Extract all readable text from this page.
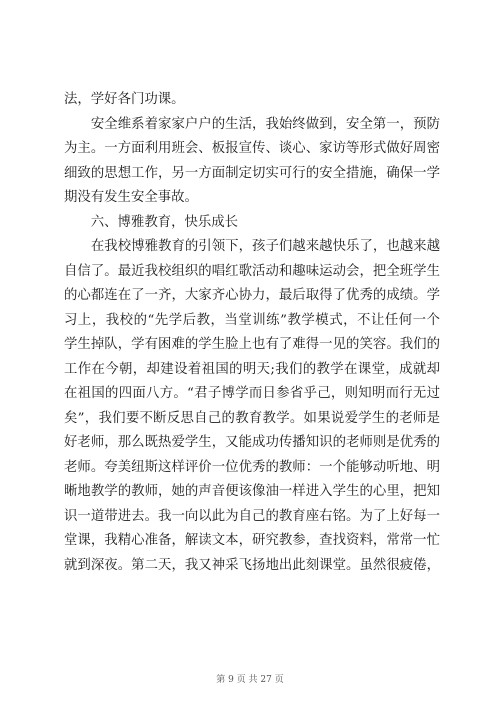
法，学好各门功课。
　　安全维系着家家户户的生活，我始终做到，安全第一，预防
为主。一方面利用班会、板报宣传、谈心、家访等形式做好周密
细致的思想工作，另一方面制定切实可行的安全措施，确保一学
期没有发生安全事故。
　　六、博雅教育，快乐成长
　　在我校博雅教育的引领下，孩子们越来越快乐了，也越来越
自信了。最近我校组织的唱红歌活动和趣味运动会，把全班学生
的心都连在了一齐，大家齐心协力，最后取得了优秀的成绩。学
习上，我校的“先学后教，当堂训练”教学模式，不让任何一个
学生掉队，学有困难的学生脸上也有了难得一见的笑容。我们的
工作在今朝，却建设着祖国的明天;我们的教学在课堂，成就却
在祖国的四面八方。“君子博学而日参省乎己，则知明而行无过
矣”，我们要不断反思自己的教育教学。如果说爱学生的老师是
好老师，那么既热爱学生，又能成功传播知识的老师则是优秀的
老师。夸美纽斯这样评价一位优秀的教师：一个能够动听地、明
晰地教学的教师，她的声音便该像油一样进入学生的心里，把知
识一道带进去。我一向以此为自己的教育座右铭。为了上好每一
堂课，我精心准备，解读文本，研究教参，查找资料，常常一忙
就到深夜。第二天，我又神采飞扬地出此刻课堂。虽然很疲倦，
第 9 页 共 27 页
